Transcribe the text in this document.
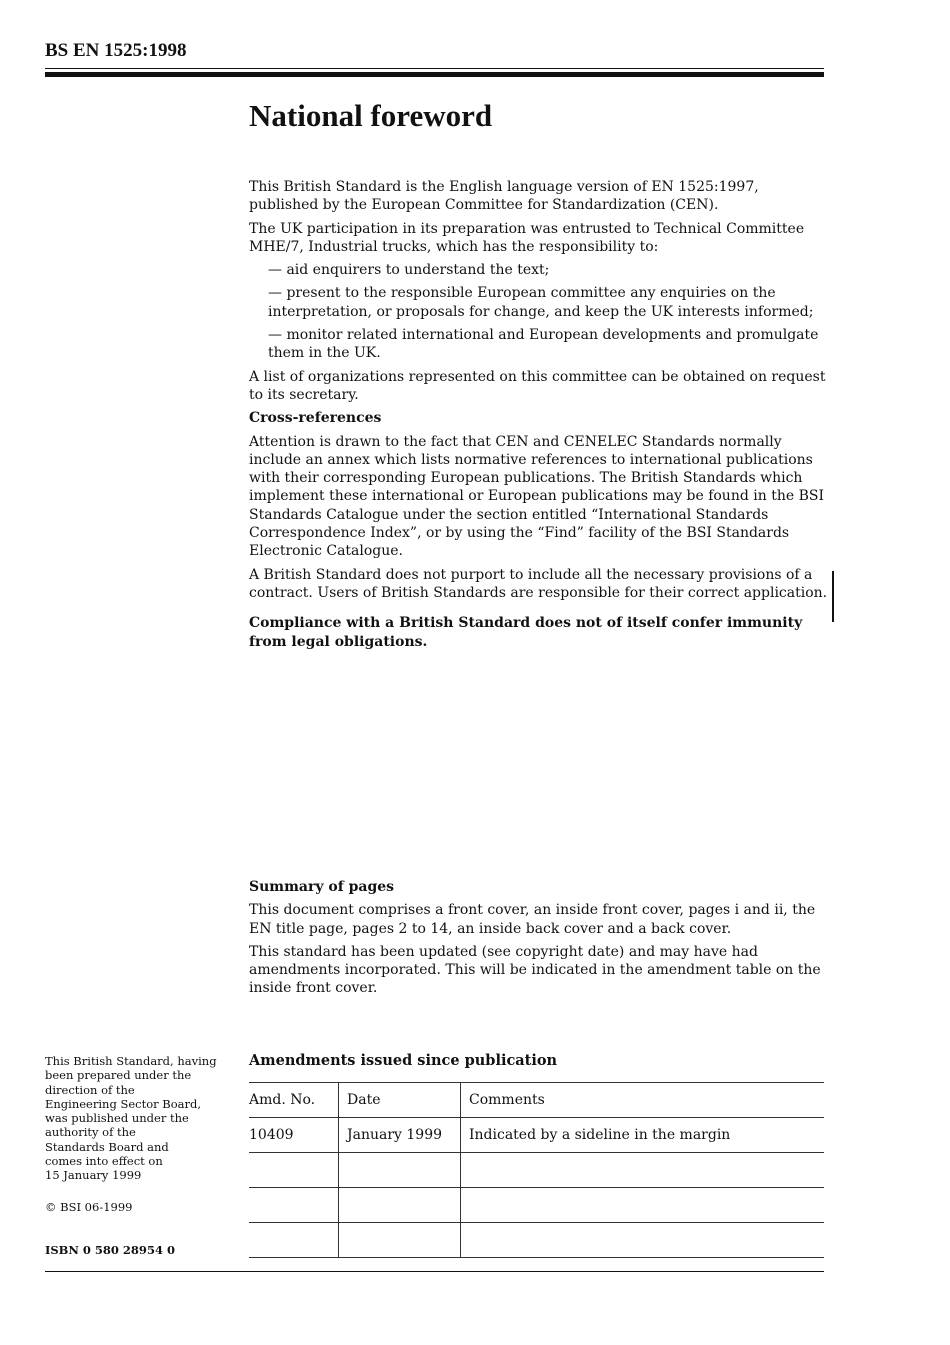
BS EN 1525:1998

National foreword

This British Standard is the English language version of EN 1525:1997, published by the European Committee for Standardization (CEN).

The UK participation in its preparation was entrusted to Technical Committee MHE/7, Industrial trucks, which has the responsibility to:

— aid enquirers to understand the text;

— present to the responsible European committee any enquiries on the interpretation, or proposals for change, and keep the UK interests informed;

— monitor related international and European developments and promulgate them in the UK.

A list of organizations represented on this committee can be obtained on request to its secretary.

Cross-references

Attention is drawn to the fact that CEN and CENELEC Standards normally include an annex which lists normative references to international publications with their corresponding European publications. The British Standards which implement these international or European publications may be found in the BSI Standards Catalogue under the section entitled “International Standards Correspondence Index”, or by using the “Find” facility of the BSI Standards Electronic Catalogue.

A British Standard does not purport to include all the necessary provisions of a contract. Users of British Standards are responsible for their correct application.

Compliance with a British Standard does not of itself confer immunity from legal obligations.

Summary of pages

This document comprises a front cover, an inside front cover, pages i and ii, the EN title page, pages 2 to 14, an inside back cover and a back cover.

This standard has been updated (see copyright date) and may have had amendments incorporated. This will be indicated in the amendment table on the inside front cover.

This British Standard, having

been prepared under the

direction of the

Engineering Sector Board,

was published under the

authority of the

Standards Board and

comes into effect on

15 January 1999

© BSI 06-1999

ISBN 0 580 28954 0

Amendments issued since publication

Amd. No.	Date	Comments
10409	January 1999	Indicated by a sideline in the margin
